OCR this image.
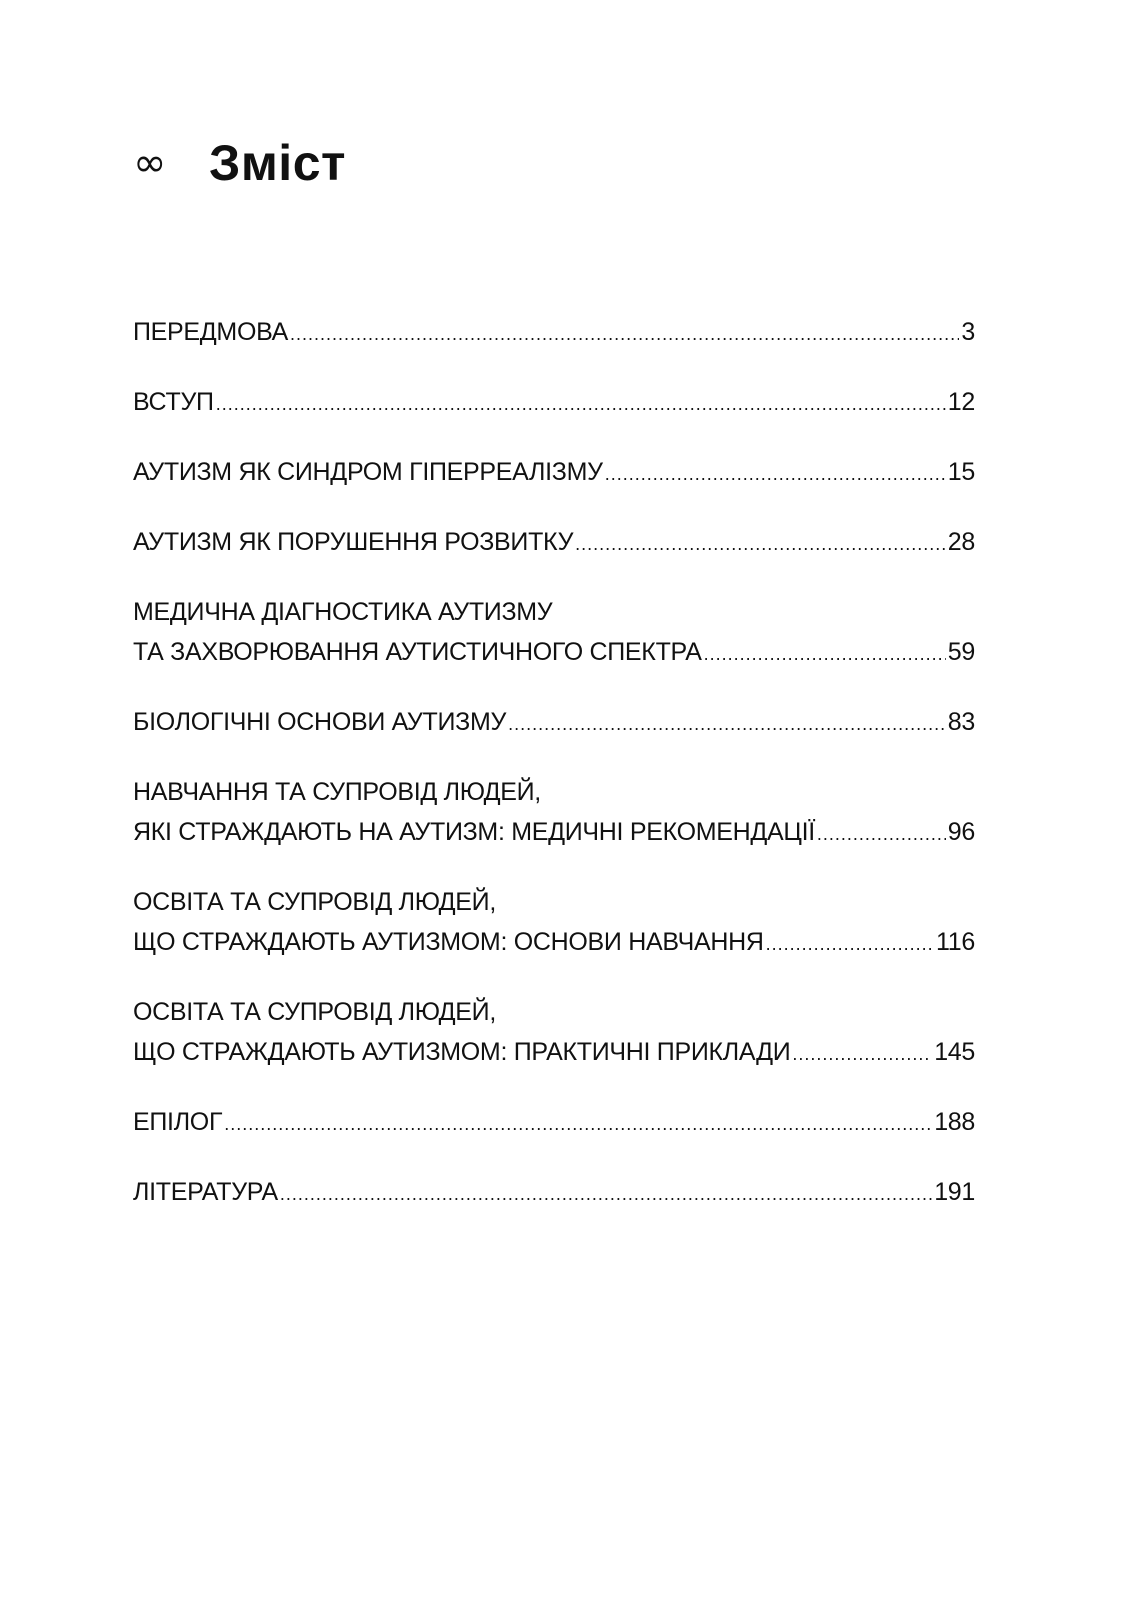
∞ Зміст
ПЕРЕДМОВА .....	3
ВСТУП .....	12
АУТИЗМ ЯК СИНДРОМ ГІПЕРРЕАЛІЗМУ .....	15
АУТИЗМ ЯК ПОРУШЕННЯ РОЗВИТКУ .....	28
МЕДИЧНА ДІАГНОСТИКА АУТИЗМУ
ТА ЗАХВОРЮВАННЯ АУТИСТИЧНОГО СПЕКТРА .....	59
БІОЛОГІЧНІ ОСНОВИ АУТИЗМУ .....	83
НАВЧАННЯ ТА СУПРОВІД ЛЮДЕЙ,
ЯКІ СТРАЖДАЮТЬ НА АУТИЗМ: МЕДИЧНІ РЕКОМЕНДАЦІЇ .....	96
ОСВІТА ТА СУПРОВІД ЛЮДЕЙ,
ЩО СТРАЖДАЮТЬ АУТИЗМОМ: ОСНОВИ НАВЧАННЯ .....	116
ОСВІТА ТА СУПРОВІД ЛЮДЕЙ,
ЩО СТРАЖДАЮТЬ АУТИЗМОМ: ПРАКТИЧНІ ПРИКЛАДИ .....	145
ЕПІЛОГ .....	188
ЛІТЕРАТУРА .....	191
